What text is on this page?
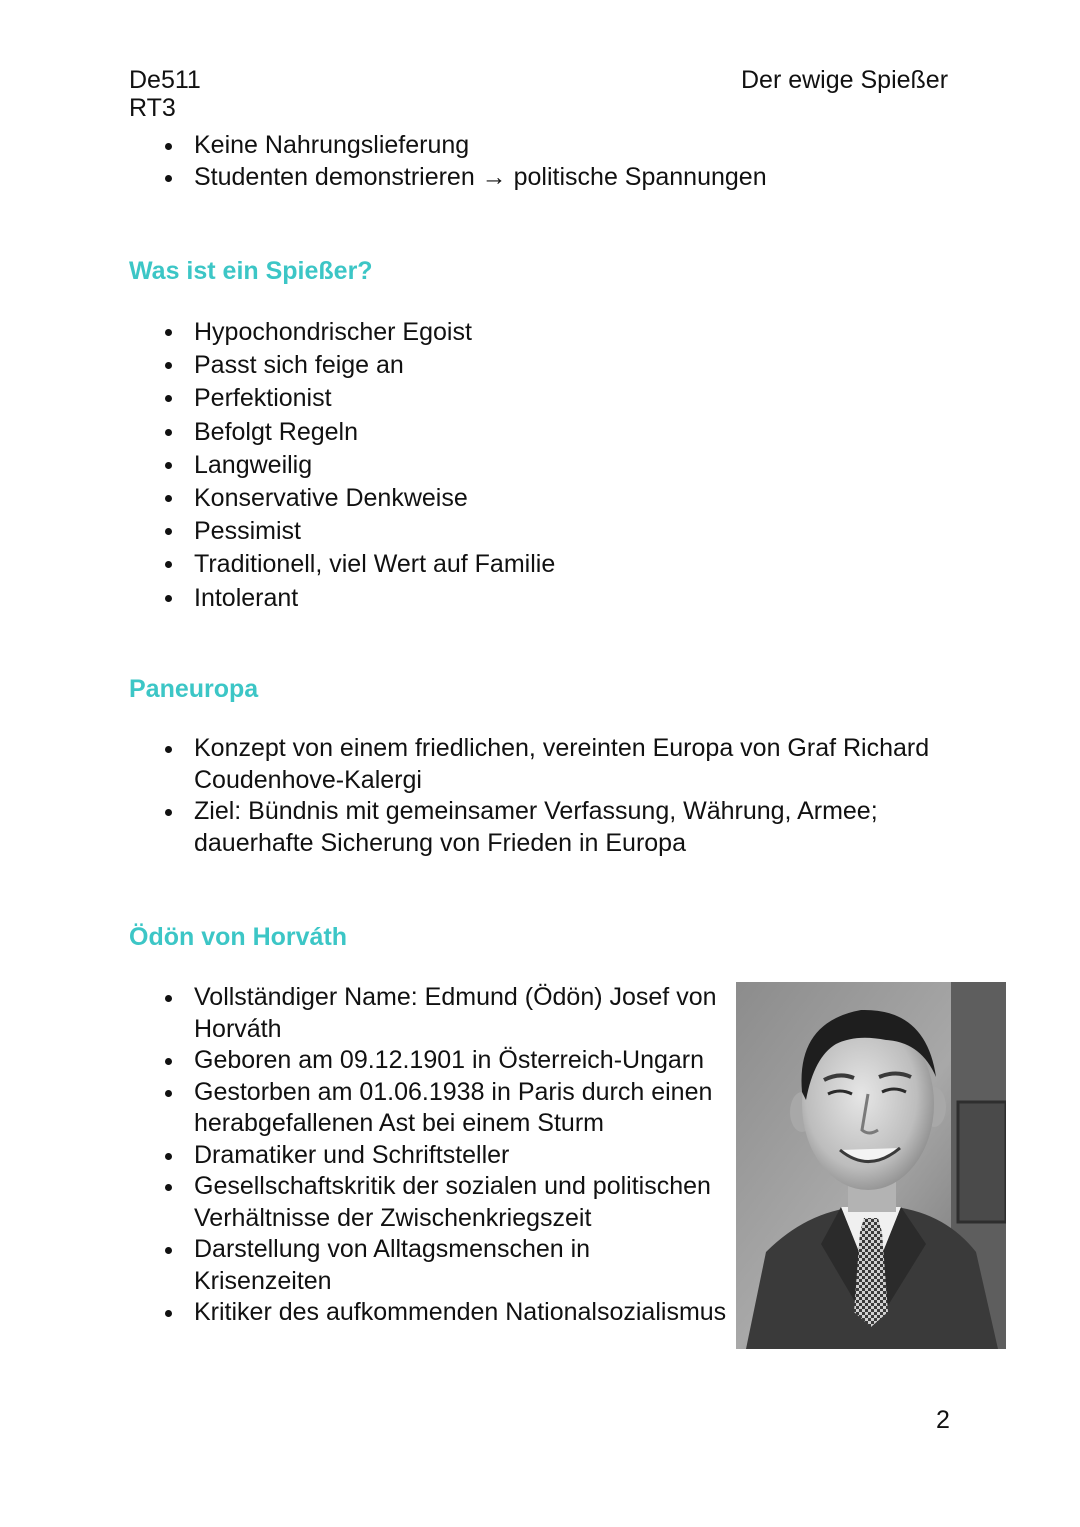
De511
RT3
Der ewige Spießer
Keine Nahrungslieferung
Studenten demonstrieren → politische Spannungen
Was ist ein Spießer?
Hypochondrischer Egoist
Passt sich feige an
Perfektionist
Befolgt Regeln
Langweilig
Konservative Denkweise
Pessimist
Traditionell, viel Wert auf Familie
Intolerant
Paneuropa
Konzept von einem friedlichen, vereinten Europa von Graf Richard Coudenhove-Kalergi
Ziel: Bündnis mit gemeinsamer Verfassung, Währung, Armee; dauerhafte Sicherung von Frieden in Europa
Ödön von Horváth
Vollständiger Name: Edmund (Ödön) Josef von Horváth
Geboren am 09.12.1901 in Österreich-Ungarn
Gestorben am 01.06.1938 in Paris durch einen herabgefallenen Ast bei einem Sturm
Dramatiker und Schriftsteller
Gesellschaftskritik der sozialen und politischen Verhältnisse der Zwischenkriegszeit
Darstellung von Alltagsmenschen in Krisenzeiten
Kritiker des aufkommenden Nationalsozialismus
2
